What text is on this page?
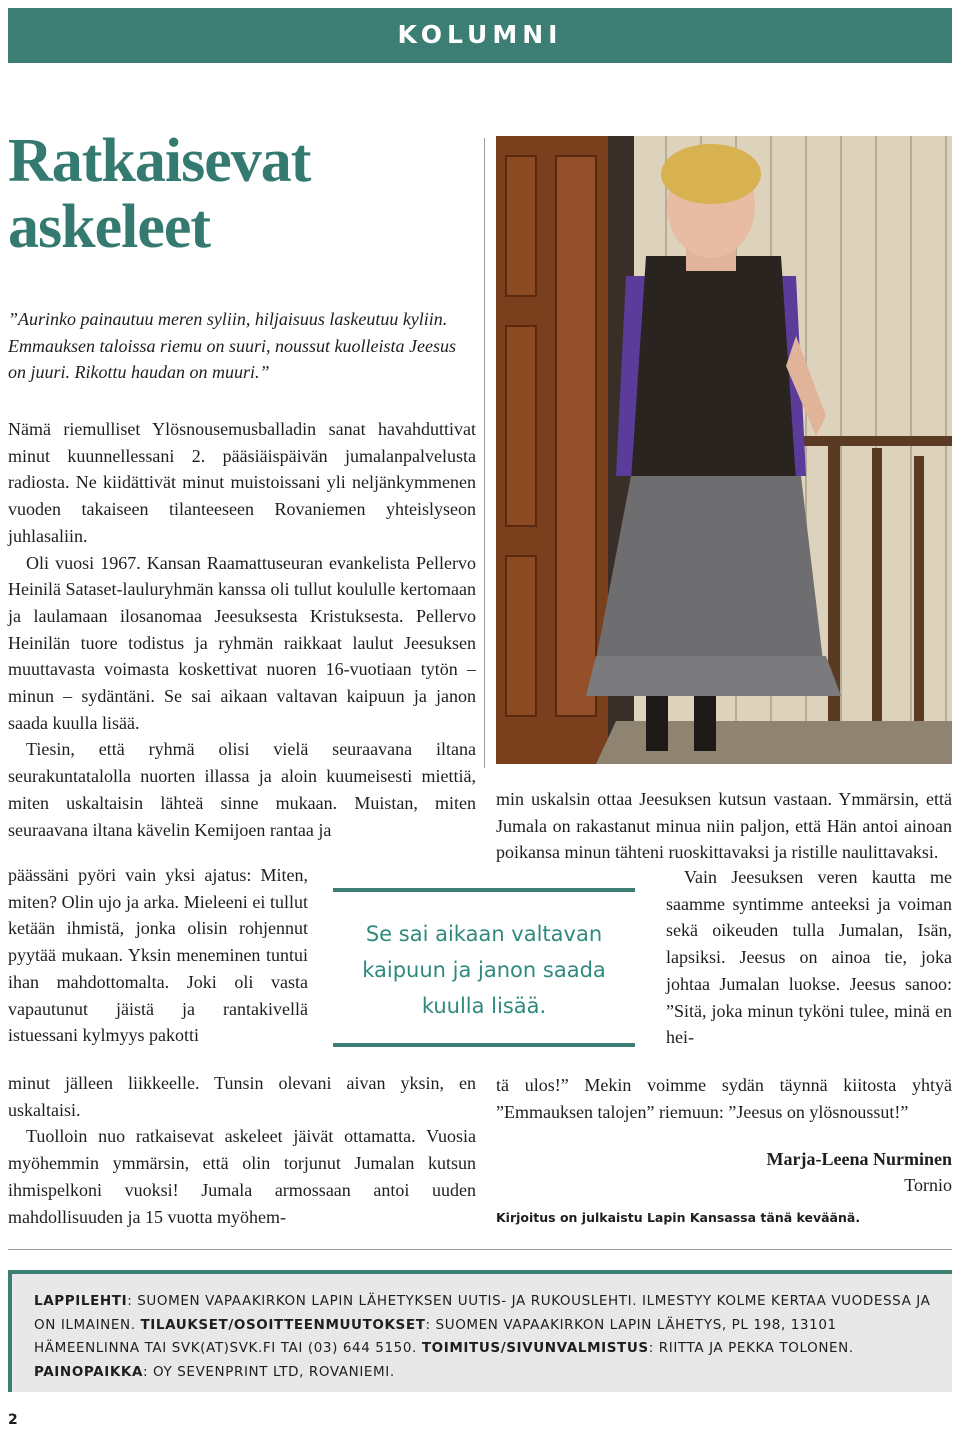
KOLUMNI
Ratkaisevat
askeleet

”Aurinko painautuu meren syliin, hiljaisuus laskeutuu kyliin. Emmauksen taloissa riemu on suuri, noussut kuolleista Jeesus on juuri. Rikottu haudan on muuri.”

Nämä riemulliset Ylösnousemusballadin sanat havahduttivat minut kuunnellessani 2. pääsiäispäivän jumalanpalvelusta radiosta. Ne kiidättivät minut muistoissani yli neljänkymmenen vuoden takaiseen tilanteeseen Rovaniemen yhteislyseon juhlasaliin.

Oli vuosi 1967. Kansan Raamattuseuran evankelista Pellervo Heinilä Sataset-lauluryhmän kanssa oli tullut koululle kertomaan ja laulamaan ilosanomaa Jeesuksesta Kristuksesta. Pellervo Heinilän tuore todistus ja ryhmän raikkaat laulut Jeesuksen muuttavasta voimasta koskettivat nuoren 16-vuotiaan tytön – minun – sydäntäni. Se sai aikaan valtavan kaipuun ja janon saada kuulla lisää.

Tiesin, että ryhmä olisi vielä seuraavana iltana seurakuntatalolla nuorten illassa ja aloin kuumeisesti miettiä, miten uskaltaisin lähteä sinne mukaan. Muistan, miten seuraavana iltana kävelin Kemijoen rantaa ja

päässäni pyöri vain yksi ajatus: Miten, miten? Olin ujo ja arka. Mieleeni ei tullut ketään ihmistä, jonka olisin rohjennut pyytää mukaan. Yksin meneminen tuntui ihan mahdottomalta. Joki oli vasta vapautunut jäistä ja rantakivellä istuessani kylmyys pakotti

minut jälleen liikkeelle. Tunsin olevani aivan yksin, en uskaltaisi.

Tuolloin nuo ratkaisevat askeleet jäivät ottamatta. Vuosia myöhemmin ymmärsin, että olin torjunut Jumalan kutsun ihmispelkoni vuoksi! Jumala armossaan antoi uuden mahdollisuuden ja 15 vuotta myöhem-

min uskalsin ottaa Jeesuksen kutsun vastaan. Ymmärsin, että Jumala on rakastanut minua niin paljon, että Hän antoi ainoan poikansa minun tähteni ruoskittavaksi ja ristille naulittavaksi.

Se sai aikaan valtavan
kaipuun ja janon saada
kuulla lisää.

Vain Jeesuksen veren kautta me saamme syntimme anteeksi ja voiman sekä oikeuden tulla Jumalan, Isän, lapsiksi. Jeesus on ainoa tie, joka johtaa Jumalan luokse. Jeesus sanoo: ”Sitä, joka minun tyköni tulee, minä en hei-

tä ulos!” Mekin voimme sydän täynnä kiitosta yhtyä ”Emmauksen talojen” riemuun: ”Jeesus on ylösnoussut!”

Marja-Leena Nurminen
Tornio
Kirjoitus on julkaistu Lapin Kansassa tänä keväänä.
LAPPILEHTI: SUOMEN VAPAAKIRKON LAPIN LÄHETYKSEN UUTIS- JA RUKOUSLEHTI. ILMESTYY KOLME KERTAA VUODESSA JA ON ILMAINEN. TILAUKSET/OSOITTEENMUUTOKSET: SUOMEN VAPAAKIRKON LAPIN LÄHETYS, PL 198, 13101 HÄMEENLINNA TAI SVK(AT)SVK.FI TAI (03) 644 5150. TOIMITUS/SIVUNVALMISTUS: RIITTA JA PEKKA TOLONEN. PAINOPAIKKA: OY SEVENPRINT LTD, ROVANIEMI.
2
